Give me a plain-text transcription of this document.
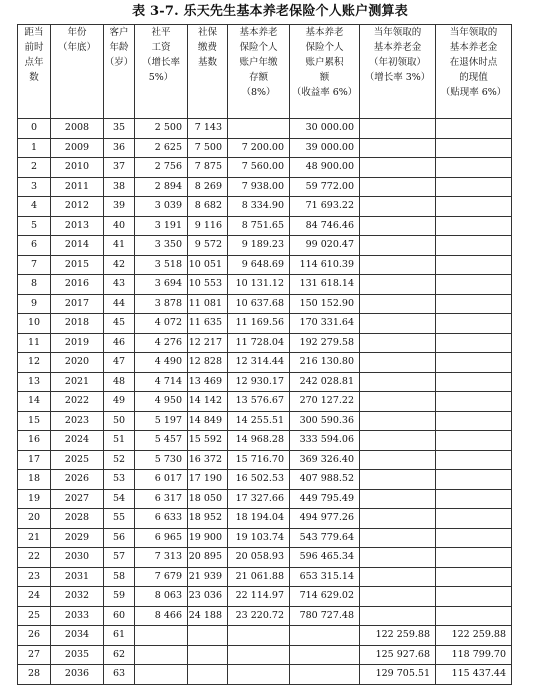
表 3-7. 乐天先生基本养老保险个人账户测算表
距当
前时
点年
数	年份
（年底）	客户
年龄
（岁）	社平
工资
（增长率
5%）	社保
缴费
基数	基本养老
保险个人
账户年缴
存额
（8%）	基本养老
保险个人
账户累积
额
（收益率 6%）	当年领取的
基本养老金
（年初领取）
（增长率 3%）	当年领取的
基本养老金
在退休时点
的现值
（贴现率 6%）

0	2008	35	2 500	7 143		30 000.00		
1	2009	36	2 625	7 500	7 200.00	39 000.00		
2	2010	37	2 756	7 875	7 560.00	48 900.00		
3	2011	38	2 894	8 269	7 938.00	59 772.00		
4	2012	39	3 039	8 682	8 334.90	71 693.22		
5	2013	40	3 191	9 116	8 751.65	84 746.46		
6	2014	41	3 350	9 572	9 189.23	99 020.47		
7	2015	42	3 518	10 051	9 648.69	114 610.39		
8	2016	43	3 694	10 553	10 131.12	131 618.14		
9	2017	44	3 878	11 081	10 637.68	150 152.90		
10	2018	45	4 072	11 635	11 169.56	170 331.64		
11	2019	46	4 276	12 217	11 728.04	192 279.58		
12	2020	47	4 490	12 828	12 314.44	216 130.80		
13	2021	48	4 714	13 469	12 930.17	242 028.81		
14	2022	49	4 950	14 142	13 576.67	270 127.22		
15	2023	50	5 197	14 849	14 255.51	300 590.36		
16	2024	51	5 457	15 592	14 968.28	333 594.06		
17	2025	52	5 730	16 372	15 716.70	369 326.40		
18	2026	53	6 017	17 190	16 502.53	407 988.52		
19	2027	54	6 317	18 050	17 327.66	449 795.49		
20	2028	55	6 633	18 952	18 194.04	494 977.26		
21	2029	56	6 965	19 900	19 103.74	543 779.64		
22	2030	57	7 313	20 895	20 058.93	596 465.34		
23	2031	58	7 679	21 939	21 061.88	653 315.14		
24	2032	59	8 063	23 036	22 114.97	714 629.02		
25	2033	60	8 466	24 188	23 220.72	780 727.48		
26	2034	61					122 259.88	122 259.88
27	2035	62					125 927.68	118 799.70
28	2036	63					129 705.51	115 437.44
